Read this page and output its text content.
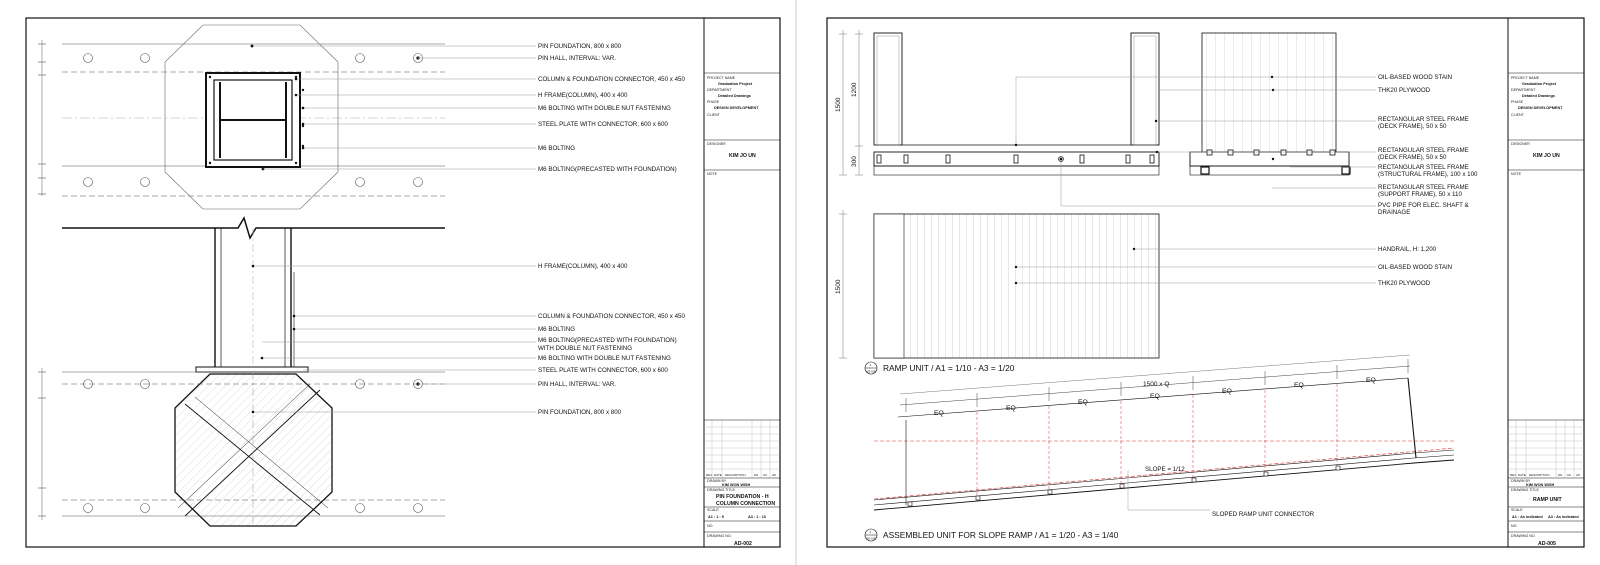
PIN FOUNDATION, 800 x 800
PIN HALL, INTERVAL: VAR.
COLUMN & FOUNDATION CONNECTOR, 450 x 450
H FRAME(COLUMN), 400 x 400
M6 BOLTING WITH DOUBLE NUT FASTENING
STEEL PLATE WITH CONNECTOR, 600 x 600
M6 BOLTING
M6 BOLTING(PRECASTED WITH FOUNDATION)
H FRAME(COLUMN), 400 x 400
COLUMN & FOUNDATION CONNECTOR, 450 x 450
M6 BOLTING
M6 BOLTING(PRECASTED WITH FOUNDATION)
WITH DOUBLE NUT FASTENING
M6 BOLTING WITH DOUBLE NUT FASTENING
STEEL PLATE WITH CONNECTOR, 600 x 600
PIN HALL, INTERVAL: VAR.
PIN FOUNDATION, 800 x 800
PROJECT NAME
Graduation Project
DEPARTMENT
Detailed Drawings
PHASE
DESIGN DEVELOPMENT
CLIENT
DESIGNER
KIM JO UN
NOTE
REV. DATE DESCRIPTION	DN CK AP
DRAWN BY
KIM WON WISH
DRAWING TITLE
PIN FOUNDATION - H
COLUMN CONNECTION
SCALE
A1 : 1 : 5	A3 : 1 : 10
NO.
DRAWING NO.
AD-002
1500
1200
300
1500
OIL-BASED WOOD STAIN
THK20 PLYWOOD
RECTANGULAR STEEL FRAME
(DECK FRAME), 50 x 50
RECTANGULAR STEEL FRAME
(DECK FRAME), 50 x 50
RECTANGULAR STEEL FRAME
(STRUCTURAL FRAME), 100 x 100
RECTANGULAR STEEL FRAME
(SUPPORT FRAME), 50 x 110
PVC PIPE FOR ELEC. SHAFT &
DRAINAGE
HANDRAIL, H: 1,200
OIL-BASED WOOD STAIN
THK20 PLYWOOD
1
AD-005 RAMP UNIT / A1 = 1/10 - A3 = 1/20
1500 x Q
EQ
EQ
EQ
EQ
EQ
EQ
EQ
SLOPE = 1/12
SLOPED RAMP UNIT CONNECTOR
2
AD-005 ASSEMBLED UNIT FOR SLOPE RAMP / A1 = 1/20 - A3 = 1/40
PROJECT NAME
Graduation Project
DEPARTMENT
Detailed Drawings
PHASE
DESIGN DEVELOPMENT
CLIENT
DESIGNER
KIM JO UN
NOTE
REV. DATE DESCRIPTION	DN CK AP
DRAWN BY
KIM WON WISH
DRAWING TITLE
RAMP UNIT
SCALE
A1 : As indicated A3 : As indicated
NO.
DRAWING NO.
AD-005
